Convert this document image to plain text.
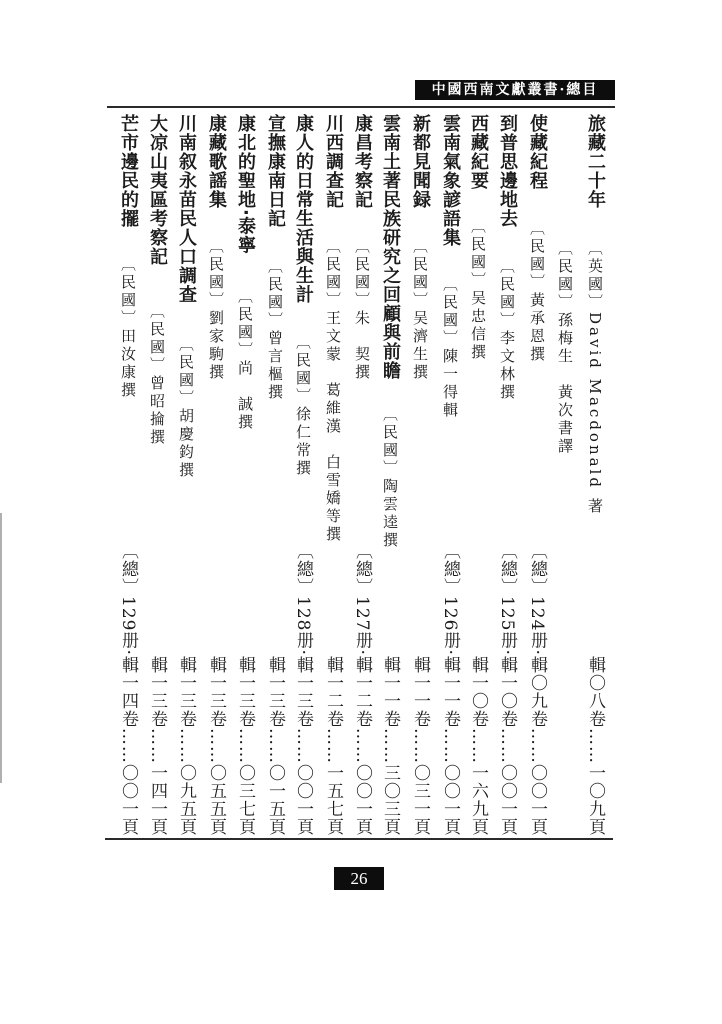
中國西南文獻叢書·總目
旅藏二十年
〔英國〕David Macdonald 著
輯〇八卷……一〇九頁
〔民國〕孫梅生　黃次書譯
使藏紀程
〔民國〕黃承恩撰
〔總〕124册·輯〇九卷……〇〇一頁
到普思邊地去
〔民國〕李文林撰
〔總〕125册·輯一〇卷……〇〇一頁
西藏紀要
〔民國〕吴忠信撰
輯一〇卷……一六九頁
雲南氣象諺語集
〔民國〕陳一得輯
〔總〕126册·輯一一卷……〇〇一頁
新都見聞録
〔民國〕吴濟生撰
輯一一卷……〇三一頁
雲南土著民族研究之回顧與前瞻
〔民國〕陶雲逵撰
輯一一卷……三〇三頁
康昌考察記
〔民國〕朱　契撰
〔總〕127册·輯一二卷……〇〇一頁
川西調查記
〔民國〕王文蒙　葛維漢　白雪嬌等撰
輯一二卷……一五七頁
康人的日常生活與生計
〔民國〕徐仁常撰
〔總〕128册·輯一三卷……〇〇一頁
宣撫康南日記
〔民國〕曾言樞撰
輯一三卷……〇一五頁
康北的聖地·泰寧
〔民國〕尚　誠撰
輯一三卷……〇三七頁
康藏歌謡集
〔民國〕劉家駒撰
輯一三卷……〇五五頁
川南叙永苗民人口調查
〔民國〕胡慶鈞撰
輯一三卷……〇九五頁
大凉山夷區考察記
〔民國〕曾昭掄撰
輯一三卷……一四一頁
芒市邊民的擺
〔民國〕田汝康撰
〔總〕129册·輯一四卷……〇〇一頁
26
